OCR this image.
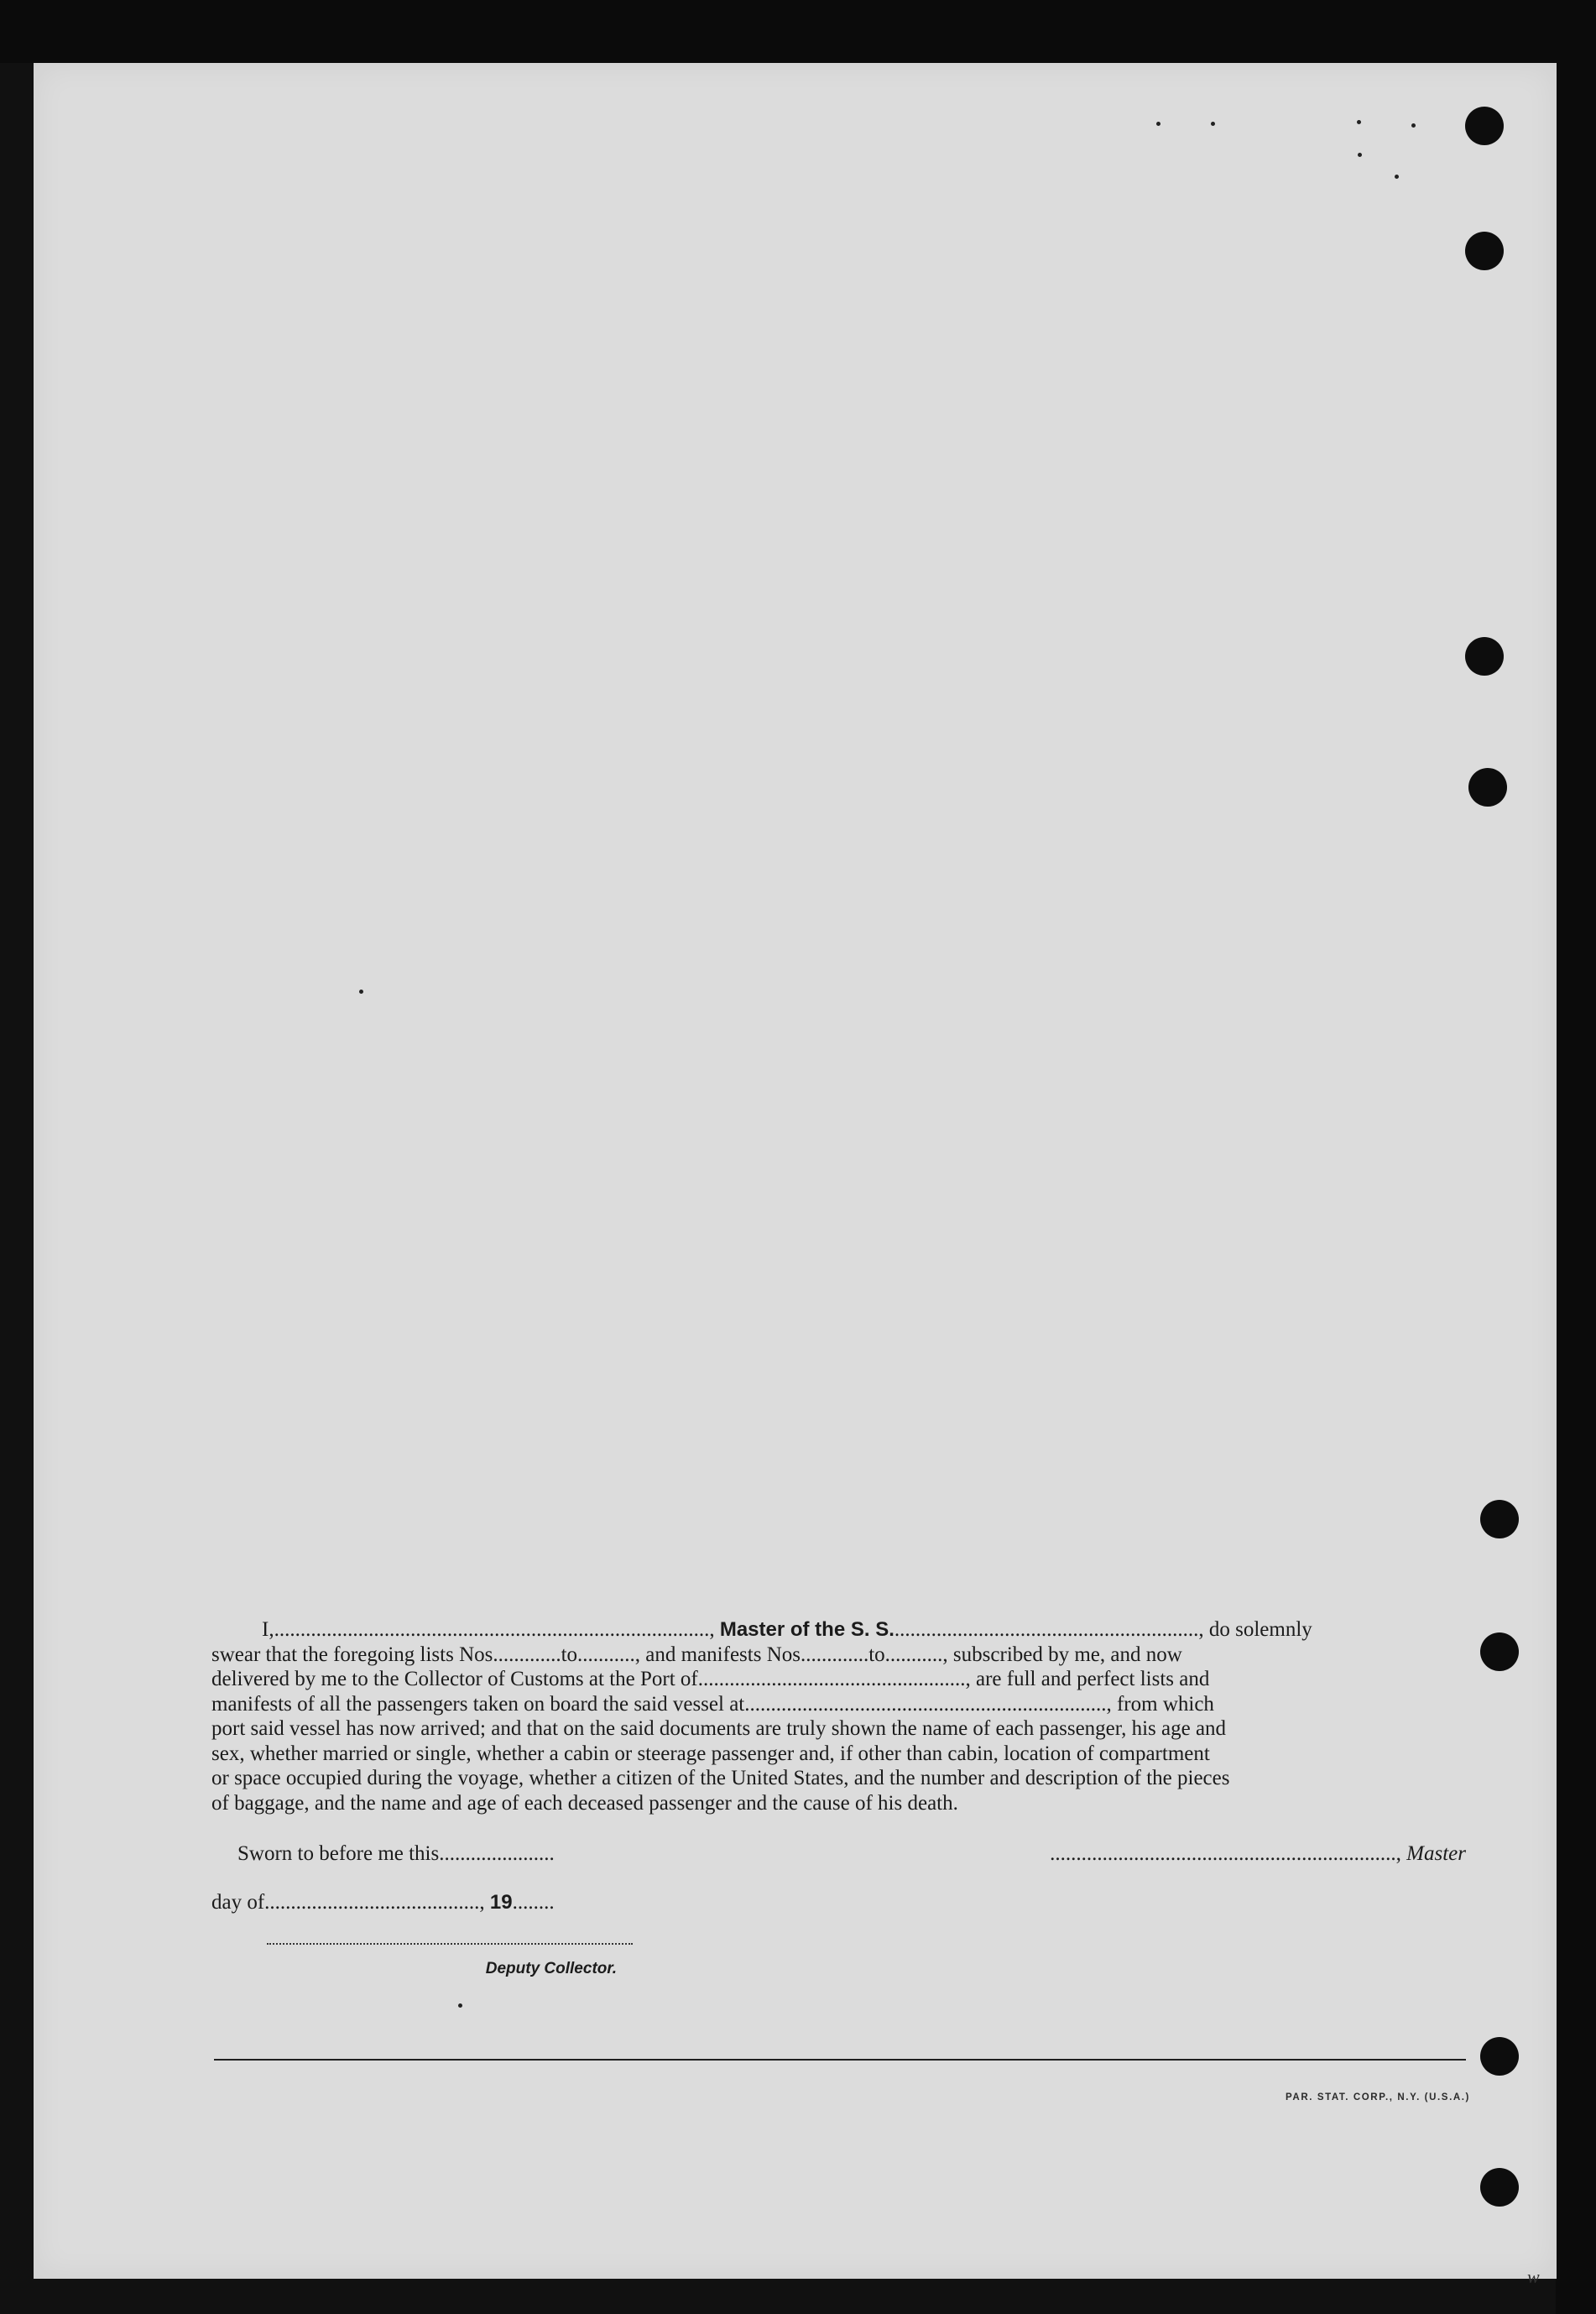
I,..................................................................................., Master of the S. S..........................................................., do solemnly
swear that the foregoing lists Nos.............to..........., and manifests Nos.............to..........., subscribed by me, and now
delivered by me to the Collector of Customs at the Port of..................................................., are full and perfect lists and
manifests of all the passengers taken on board the said vessel at....................................................................., from which
port said vessel has now arrived; and that on the said documents are truly shown the name of each passenger, his age and
sex, whether married or single, whether a cabin or steerage passenger and, if other than cabin, location of compartment
or space occupied during the voyage, whether a citizen of the United States, and the number and description of the pieces
of baggage, and the name and age of each deceased passenger and the cause of his death.
Sworn to before me this......................	.................................................................., Master
day of........................................., 19........
Deputy Collector.
PAR. STAT. CORP., N.Y. (U.S.A.)
w
